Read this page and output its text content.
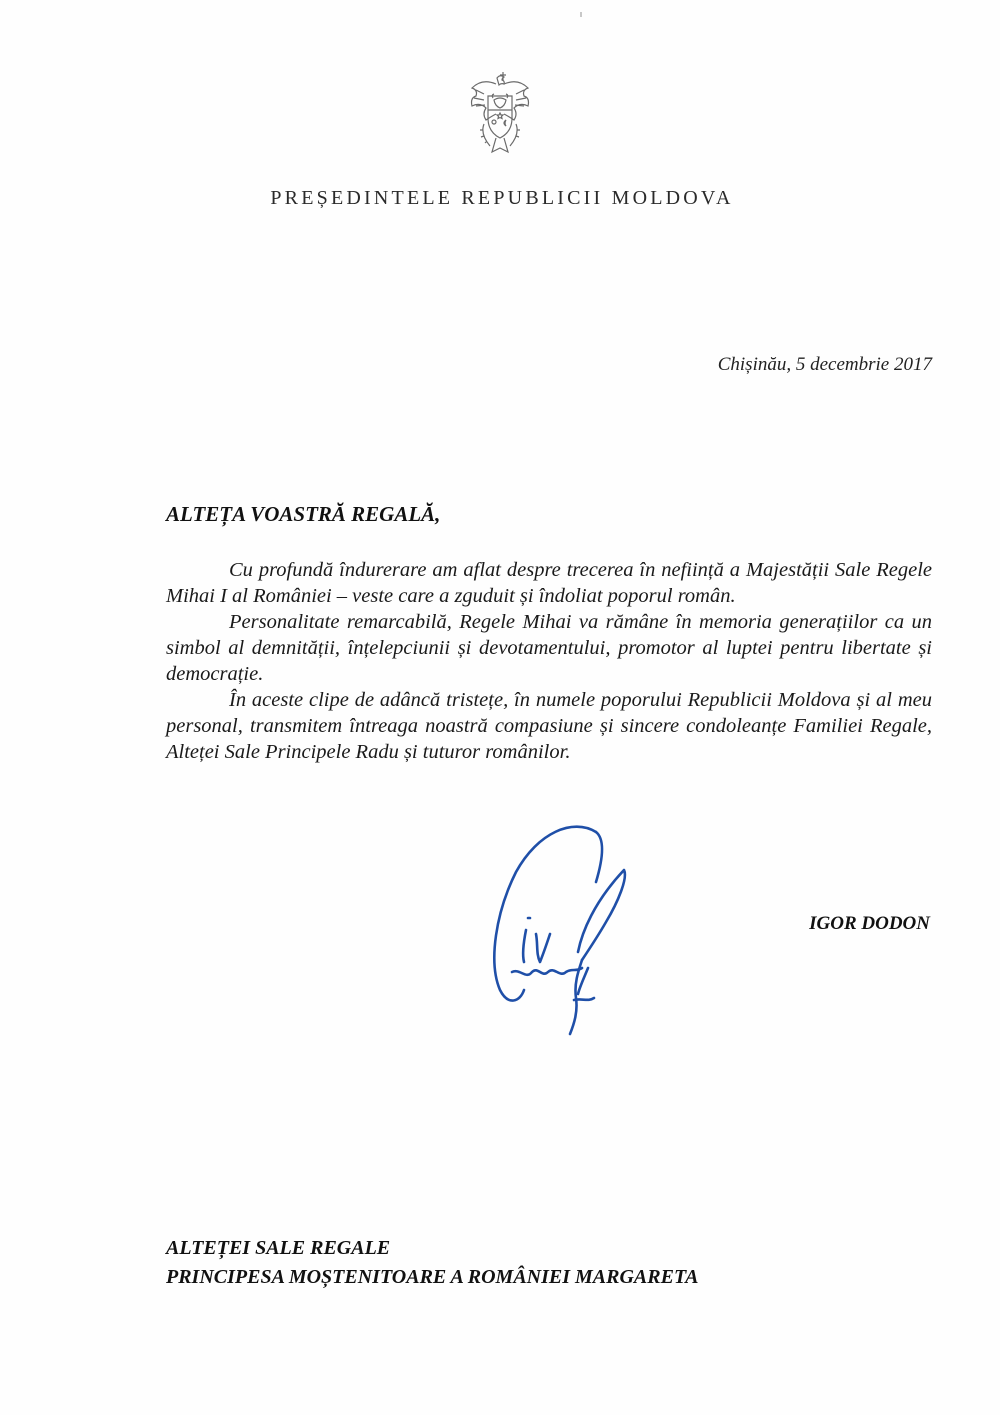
PREȘEDINTELE REPUBLICII MOLDOVA
Chișinău, 5 decembrie 2017
ALTEȚA VOASTRĂ REGALĂ,

Cu profundă îndurerare am aflat despre trecerea în neființă a Majestății Sale Regele Mihai I al României – veste care a zguduit și îndoliat poporul român.

Personalitate remarcabilă, Regele Mihai va rămâne în memoria generațiilor ca un simbol al demnității, înțelepciunii și devotamentului, promotor al luptei pentru libertate și democrație.

În aceste clipe de adâncă tristețe, în numele poporului Republicii Moldova și al meu personal, transmitem întreaga noastră compasiune și sincere condoleanțe Familiei Regale, Alteței Sale Principele Radu și tuturor românilor.

IGOR DODON
ALTEȚEI SALE REGALE
PRINCIPESA MOȘTENITOARE A ROMÂNIEI MARGARETA
